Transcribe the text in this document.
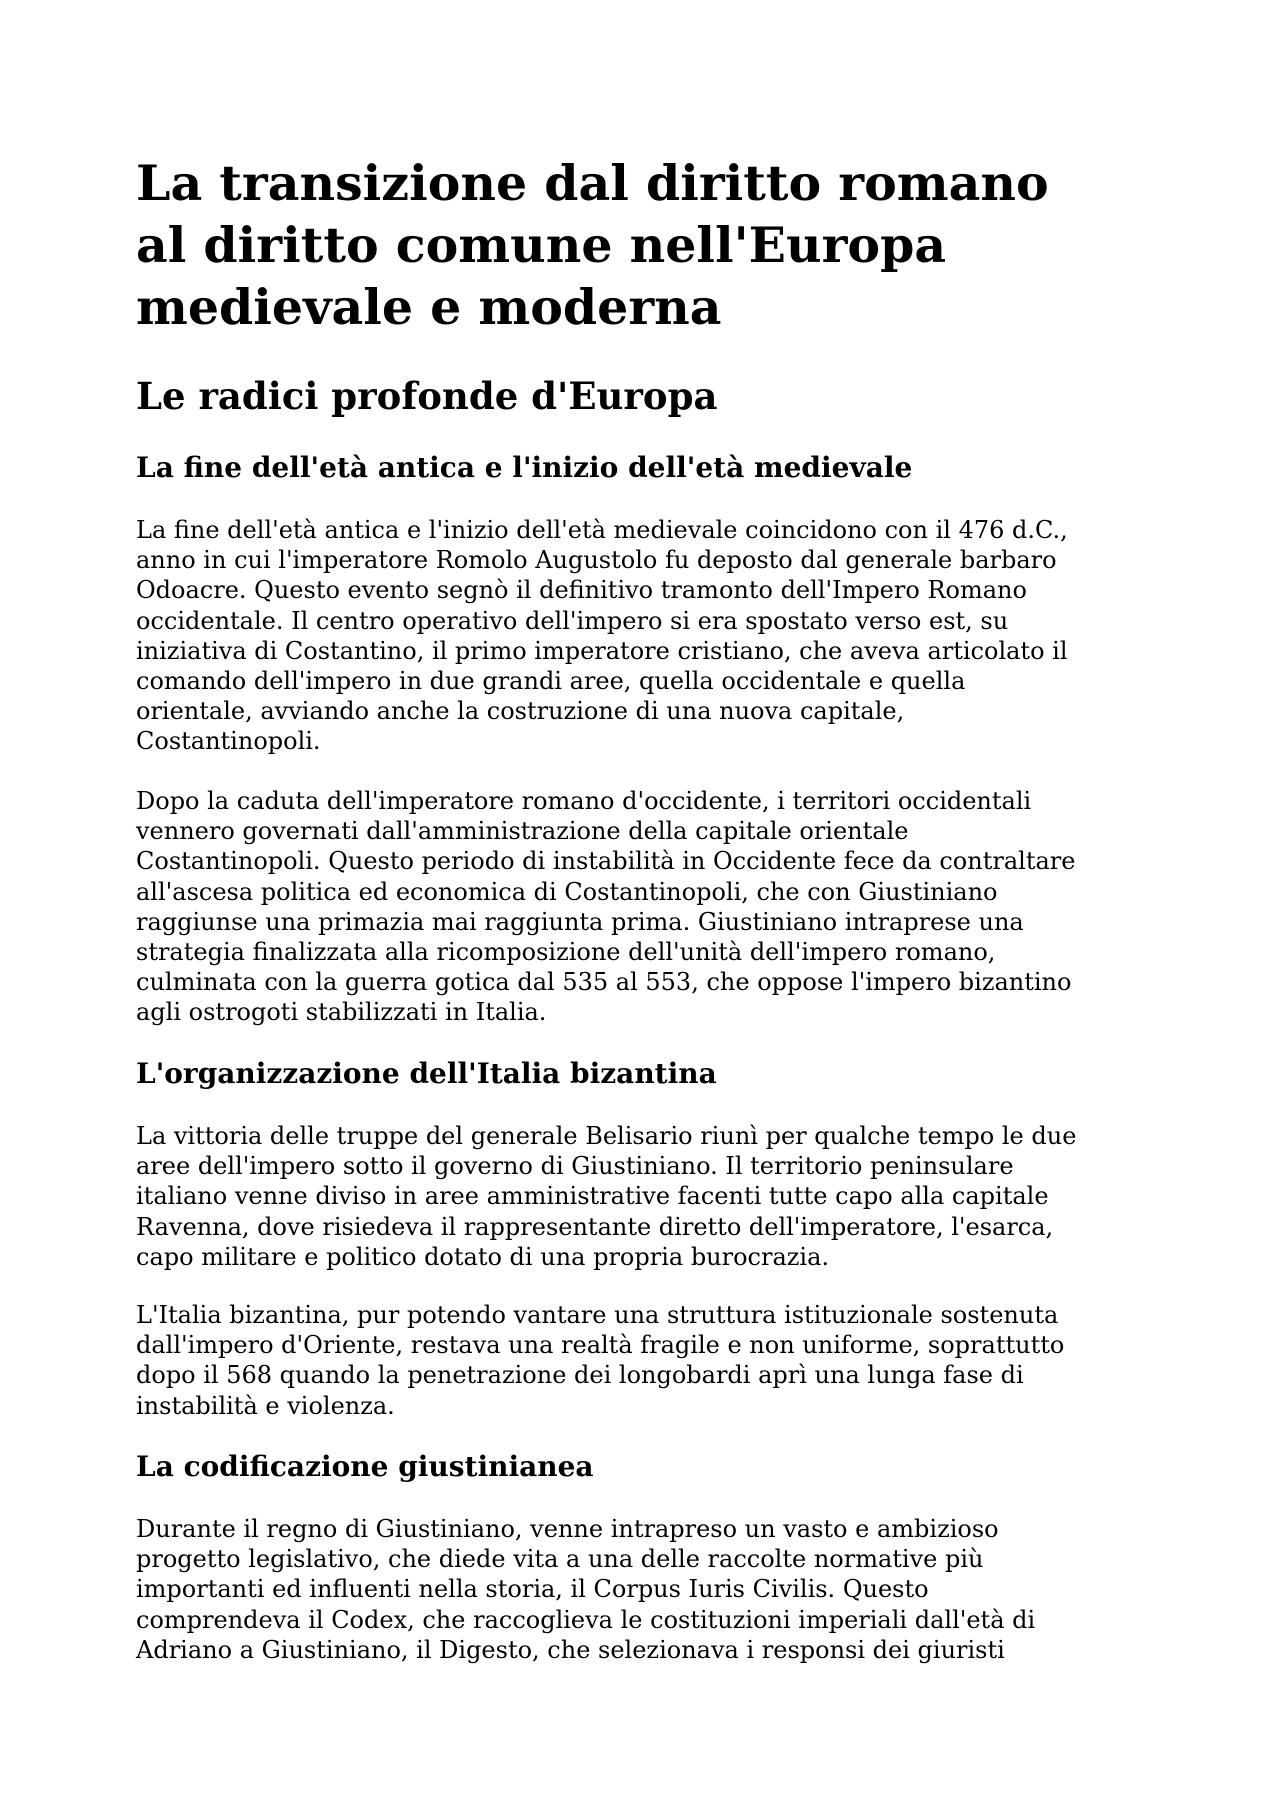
La transizione dal diritto romano
al diritto comune nell'Europa
medievale e moderna
Le radici profonde d'Europa
La fine dell'età antica e l'inizio dell'età medievale

La fine dell'età antica e l'inizio dell'età medievale coincidono con il 476 d.C.,
anno in cui l'imperatore Romolo Augustolo fu deposto dal generale barbaro
Odoacre. Questo evento segnò il definitivo tramonto dell'Impero Romano
occidentale. Il centro operativo dell'impero si era spostato verso est, su
iniziativa di Costantino, il primo imperatore cristiano, che aveva articolato il
comando dell'impero in due grandi aree, quella occidentale e quella
orientale, avviando anche la costruzione di una nuova capitale,
Costantinopoli.

Dopo la caduta dell'imperatore romano d'occidente, i territori occidentali
vennero governati dall'amministrazione della capitale orientale
Costantinopoli. Questo periodo di instabilità in Occidente fece da contraltare
all'ascesa politica ed economica di Costantinopoli, che con Giustiniano
raggiunse una primazia mai raggiunta prima. Giustiniano intraprese una
strategia finalizzata alla ricomposizione dell'unità dell'impero romano,
culminata con la guerra gotica dal 535 al 553, che oppose l'impero bizantino
agli ostrogoti stabilizzati in Italia.

L'organizzazione dell'Italia bizantina

La vittoria delle truppe del generale Belisario riunì per qualche tempo le due
aree dell'impero sotto il governo di Giustiniano. Il territorio peninsulare
italiano venne diviso in aree amministrative facenti tutte capo alla capitale
Ravenna, dove risiedeva il rappresentante diretto dell'imperatore, l'esarca,
capo militare e politico dotato di una propria burocrazia.

L'Italia bizantina, pur potendo vantare una struttura istituzionale sostenuta
dall'impero d'Oriente, restava una realtà fragile e non uniforme, soprattutto
dopo il 568 quando la penetrazione dei longobardi aprì una lunga fase di
instabilità e violenza.

La codificazione giustinianea

Durante il regno di Giustiniano, venne intrapreso un vasto e ambizioso
progetto legislativo, che diede vita a una delle raccolte normative più
importanti ed influenti nella storia, il Corpus Iuris Civilis. Questo
comprendeva il Codex, che raccoglieva le costituzioni imperiali dall'età di
Adriano a Giustiniano, il Digesto, che selezionava i responsi dei giuristi
